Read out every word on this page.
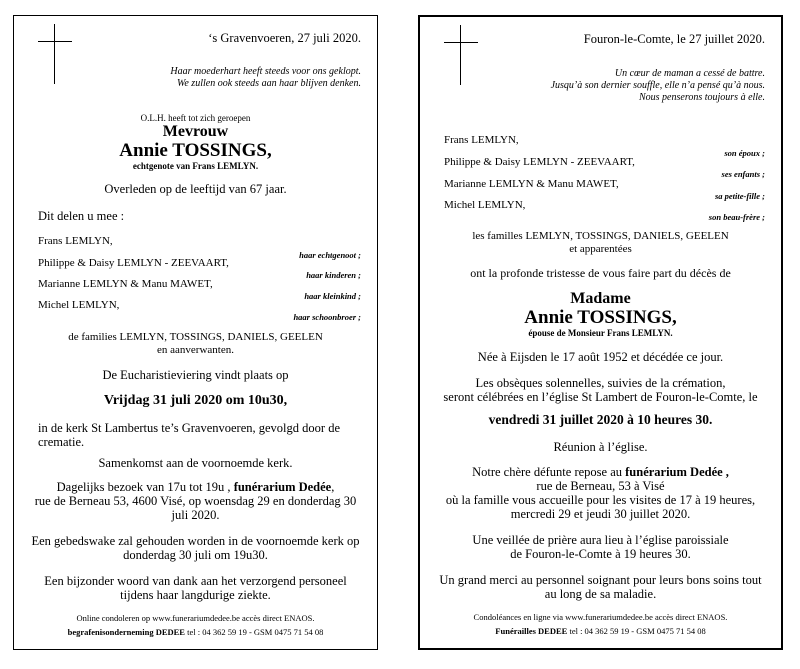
‘s Gravenvoeren, 27 juli 2020.
Haar moederhart heeft steeds voor ons geklopt.
We zullen ook steeds aan haar blijven denken.
O.L.H. heeft tot zich geroepen
Mevrouw
Annie TOSSINGS,
echtgenote van Frans LEMLYN.
Overleden op de leeftijd van 67 jaar.
Dit delen u mee :
Frans LEMLYN,
haar echtgenoot ;
Philippe & Daisy LEMLYN - ZEEVAART,
haar kinderen ;
Marianne LEMLYN & Manu MAWET,
haar kleinkind ;
Michel LEMLYN,
haar schoonbroer ;
de families LEMLYN, TOSSINGS, DANIELS, GEELEN
en aanverwanten.
De Eucharistieviering vindt plaats op
Vrijdag 31 juli 2020 om 10u30,
in de kerk St Lambertus te’s Gravenvoeren, gevolgd door de
crematie.
Samenkomst aan de voornoemde kerk.
Dagelijks bezoek van 17u tot 19u , funérarium Dedée,
rue de Berneau 53, 4600 Visé, op woensdag 29 en donderdag 30
juli 2020.
Een gebedswake zal gehouden worden in de voornoemde kerk op
donderdag 30 juli om 19u30.
Een bijzonder woord van dank aan het verzorgend personeel
tijdens haar langdurige ziekte.
Online condoleren op www.funerariumdedee.be accès direct ENAOS.
begrafenisonderneming DEDEE tel : 04 362 59 19 - GSM 0475 71 54 08
Fouron-le-Comte, le 27 juillet 2020.
Un cœur de maman a cessé de battre.
Jusqu’à son dernier souffle, elle n’a pensé qu’à nous.
Nous penserons toujours à elle.
Frans LEMLYN,
son époux ;
Philippe & Daisy LEMLYN - ZEEVAART,
ses enfants ;
Marianne LEMLYN & Manu MAWET,
sa petite-fille ;
Michel LEMLYN,
son beau-frère ;
les familles LEMLYN, TOSSINGS, DANIELS, GEELEN
et apparentées
ont la profonde tristesse de vous faire part du décès de
Madame
Annie TOSSINGS,
épouse de Monsieur Frans LEMLYN.
Née à Eijsden le 17 août 1952 et décédée ce jour.
Les obsèques solennelles, suivies de la crémation,
seront célébrées en l’église St Lambert de Fouron-le-Comte, le
vendredi 31 juillet 2020 à 10 heures 30.
Réunion à l’église.
Notre chère défunte repose au funérarium Dedée ,
rue de Berneau, 53 à Visé
où la famille vous accueille pour les visites de 17 à 19 heures,
mercredi 29 et jeudi 30 juillet 2020.
Une veillée de prière aura lieu à l’église paroissiale
de Fouron-le-Comte à 19 heures 30.
Un grand merci au personnel soignant pour leurs bons soins tout
au long de sa maladie.
Condoléances en ligne via www.funerariumdedee.be accès direct ENAOS.
Funérailles DEDEE tel : 04 362 59 19 - GSM 0475 71 54 08
